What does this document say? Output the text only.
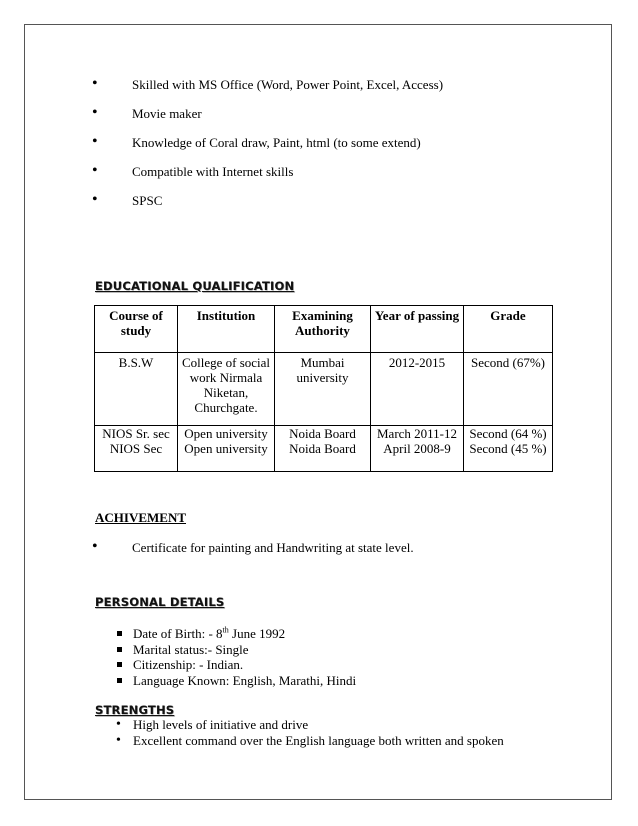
• Skilled with MS Office (Word, Power Point, Excel, Access)
• Movie maker
• Knowledge of Coral draw, Paint, html (to some extend)
• Compatible with Internet skills
• SPSC
EDUCATIONAL QUALIFICATION
Course of study	Institution	Examining Authority	Year of passing	Grade
B.S.W	College of social work Nirmala Niketan, Churchgate.	Mumbai university	2012-2015	Second (67%)
NIOS Sr. sec	Open university	Noida Board	March 2011-12	Second (64 %)
NIOS Sec	Open university	Noida Board	April 2008-9	Second (45 %)
ACHIVEMENT
• Certificate for painting and Handwriting at state level.
PERSONAL DETAILS
Date of Birth: - 8th June 1992
Marital status:- Single
Citizenship: - Indian.
Language Known: English, Marathi, Hindi
STRENGTHS
• High levels of initiative and drive
• Excellent command over the English language both written and spoken
